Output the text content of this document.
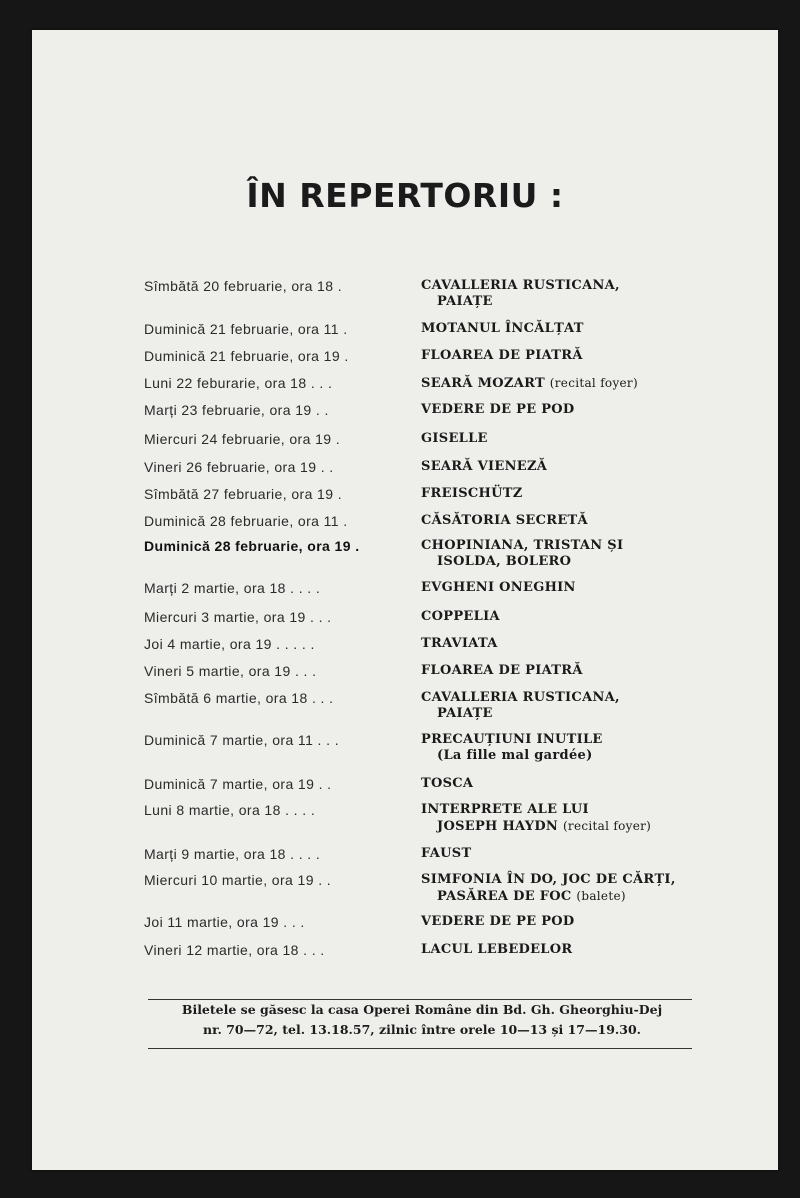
ÎN REPERTORIU :
Sîmbătă 20 februarie, ora 18 .	CAVALLERIA RUSTICANA,
PAIAȚE
Duminică 21 februarie, ora 11 .	MOTANUL ÎNCĂLȚAT
Duminică 21 februarie, ora 19 .	FLOAREA DE PIATRĂ
Luni 22 feburarie, ora 18 . . .	SEARĂ MOZART (recital foyer)
Marți 23 februarie, ora 19 . .	VEDERE DE PE POD
Miercuri 24 februarie, ora 19 .	GISELLE
Vineri 26 februarie, ora 19 . .	SEARĂ VIENEZĂ
Sîmbătă 27 februarie, ora 19 .	FREISCHÜTZ
Duminică 28 februarie, ora 11 .	CĂSĂTORIA SECRETĂ
Duminică 28 februarie, ora 19 .	CHOPINIANA, TRISTAN ȘI
ISOLDA, BOLERO
Marți 2 martie, ora 18 . . . .	EVGHENI ONEGHIN
Miercuri 3 martie, ora 19 . . .	COPPELIA
Joi 4 martie, ora 19 . . . . .	TRAVIATA
Vineri 5 martie, ora 19 . . .	FLOAREA DE PIATRĂ
Sîmbătă 6 martie, ora 18 . . .	CAVALLERIA RUSTICANA,
PAIAȚE
Duminică 7 martie, ora 11 . . .	PRECAUȚIUNI INUTILE
(La fille mal gardée)
Duminică 7 martie, ora 19 . .	TOSCA
Luni 8 martie, ora 18 . . . .	INTERPRETE ALE LUI
JOSEPH HAYDN (recital foyer)
Marți 9 martie, ora 18 . . . .	FAUST
Miercuri 10 martie, ora 19 . .	SIMFONIA ÎN DO, JOC DE CĂRȚI,
PASĂREA DE FOC (balete)
Joi 11 martie, ora 19 . . .	VEDERE DE PE POD
Vineri 12 martie, ora 18 . . .	LACUL LEBEDELOR
Biletele se găsesc la casa Operei Române din Bd. Gh. Gheorghiu-Dej
nr. 70—72, tel. 13.18.57, zilnic între orele 10—13 și 17—19.30.
